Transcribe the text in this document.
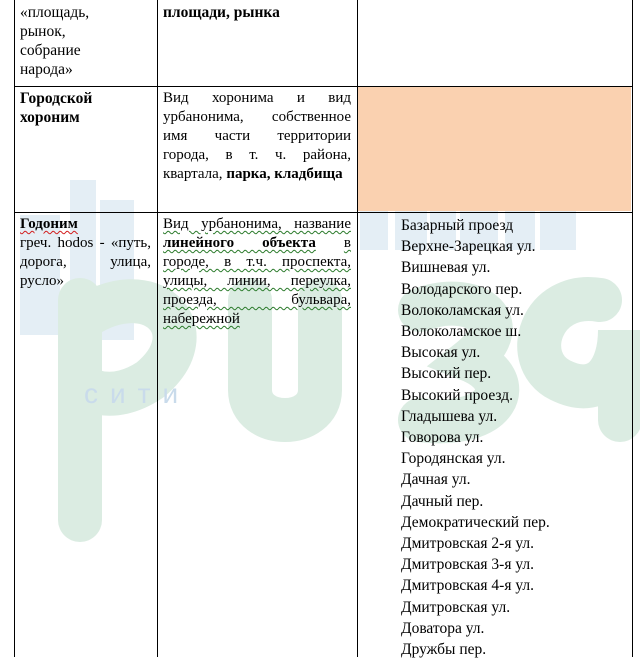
сити
«площадь, рынок, собрание народа»
площади, рынка
Городской хороним
Вид хоронима и вид урбанонима, собственное имя части территории города, в т. ч. района, квартала, парка, кладбища
Годоним
греч. hodos - «путь, дорога, улица, русло»
Вид урбанонима, название линейного объекта в городе, в т.ч. проспекта, улицы, линии, переулка, проезда, бульвара, набережной
Базарный проезд
Верхне-Зарецкая ул.
Вишневая ул.
Володарского пер.
Волоколамская ул.
Волоколамское ш.
Высокая ул.
Высокий пер.
Высокий проезд.
Гладышева ул.
Говорова ул.
Городянская ул.
Дачная ул.
Дачный пер.
Демократический пер.
Дмитровская 2-я ул.
Дмитровская 3-я ул.
Дмитровская 4-я ул.
Дмитровская ул.
Доватора ул.
Дружбы пер.
